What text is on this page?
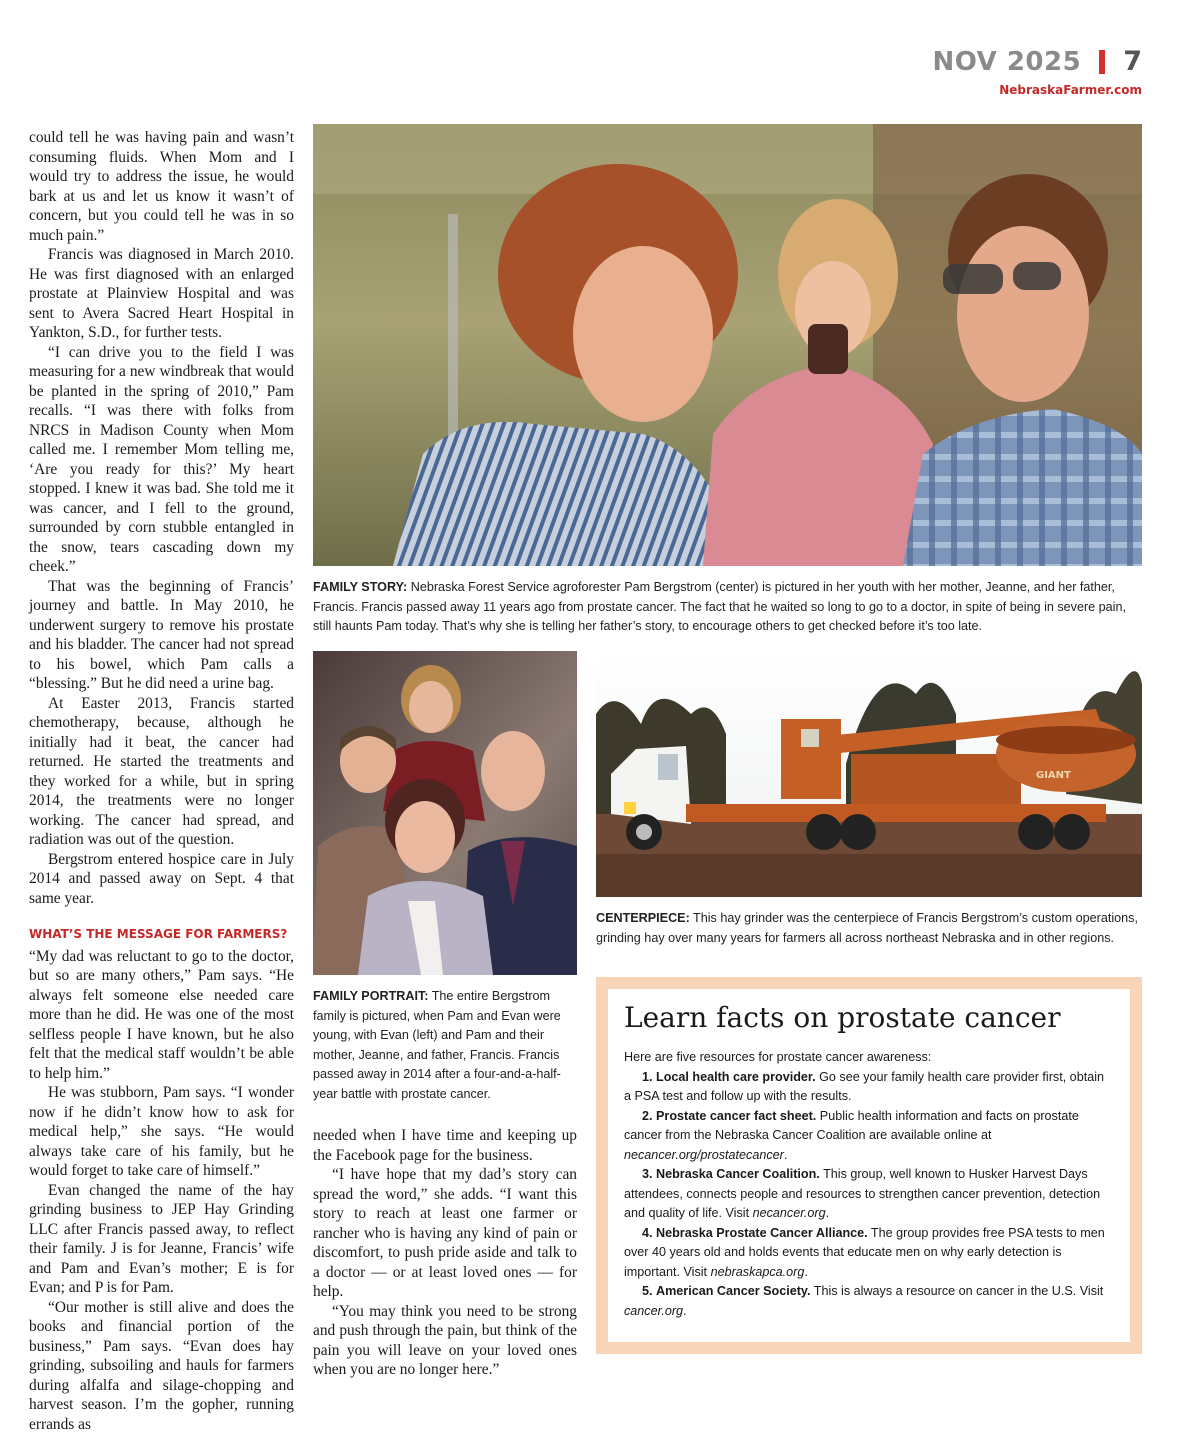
NOV 2025 7
NebraskaFarmer.com

could tell he was having pain and wasn’t consuming fluids. When Mom and I would try to address the issue, he would bark at us and let us know it wasn’t of concern, but you could tell he was in so much pain.”

Francis was diagnosed in March 2010. He was first diagnosed with an enlarged prostate at Plainview Hospital and was sent to Avera Sacred Heart Hospital in Yankton, S.D., for further tests.

“I can drive you to the field I was measuring for a new windbreak that would be planted in the spring of 2010,” Pam recalls. “I was there with folks from NRCS in Madison County when Mom called me. I remember Mom telling me, ‘Are you ready for this?’ My heart stopped. I knew it was bad. She told me it was cancer, and I fell to the ground, surrounded by corn stubble entangled in the snow, tears cascading down my cheek.”

That was the beginning of Francis’ journey and battle. In May 2010, he underwent surgery to remove his prostate and his bladder. The cancer had not spread to his bowel, which Pam calls a “blessing.” But he did need a urine bag.

At Easter 2013, Francis started chemotherapy, because, although he initially had it beat, the cancer had returned. He started the treatments and they worked for a while, but in spring 2014, the treatments were no longer working. The cancer had spread, and radiation was out of the question.

Bergstrom entered hospice care in July 2014 and passed away on Sept. 4 that same year.

WHAT’S THE MESSAGE FOR FARMERS?

“My dad was reluctant to go to the doctor, but so are many others,” Pam says. “He always felt someone else needed care more than he did. He was one of the most selfless people I have known, but he also felt that the medical staff wouldn’t be able to help him.”

He was stubborn, Pam says. “I wonder now if he didn’t know how to ask for medical help,” she says. “He would always take care of his family, but he would forget to take care of himself.”

Evan changed the name of the hay grinding business to JEP Hay Grinding LLC after Francis passed away, to reflect their family. J is for Jeanne, Francis’ wife and Pam and Evan’s mother; E is for Evan; and P is for Pam.

“Our mother is still alive and does the books and financial portion of the business,” Pam says. “Evan does hay grinding, subsoiling and hauls for farmers during alfalfa and silage-chopping and harvest season. I’m the gopher, running errands as

FAMILY STORY: Nebraska Forest Service agroforester Pam Bergstrom (center) is pictured in her youth with her mother, Jeanne, and her father, Francis. Francis passed away 11 years ago from prostate cancer. The fact that he waited so long to go to a doctor, in spite of being in severe pain, still haunts Pam today. That’s why she is telling her father’s story, to encourage others to get checked before it’s too late.
FAMILY PORTRAIT: The entire Bergstrom family is pictured, when Pam and Evan were young, with Evan (left) and Pam and their mother, Jeanne, and father, Francis. Francis passed away in 2014 after a four-and-a-half-year battle with prostate cancer.
GIANT
CENTERPIECE: This hay grinder was the centerpiece of Francis Bergstrom’s custom operations, grinding hay over many years for farmers all across northeast Nebraska and in other regions.

needed when I have time and keeping up the Facebook page for the business.

“I have hope that my dad’s story can spread the word,” she adds. “I want this story to reach at least one farmer or rancher who is having any kind of pain or discomfort, to push pride aside and talk to a doctor — or at least loved ones — for help.

“You may think you need to be strong and push through the pain, but think of the pain you will leave on your loved ones when you are no longer here.”

Learn facts on prostate cancer
Here are five resources for prostate cancer awareness:
1. Local health care provider. Go see your family health care provider first, obtain a PSA test and follow up with the results.
2. Prostate cancer fact sheet. Public health information and facts on prostate cancer from the Nebraska Cancer Coalition are available online at necancer.org/prostatecancer.
3. Nebraska Cancer Coalition. This group, well known to Husker Harvest Days attendees, connects people and resources to strengthen cancer prevention, detection and quality of life. Visit necancer.org.
4. Nebraska Prostate Cancer Alliance. The group provides free PSA tests to men over 40 years old and holds events that educate men on why early detection is important. Visit nebraskapca.org.
5. American Cancer Society. This is always a resource on cancer in the U.S. Visit cancer.org.
